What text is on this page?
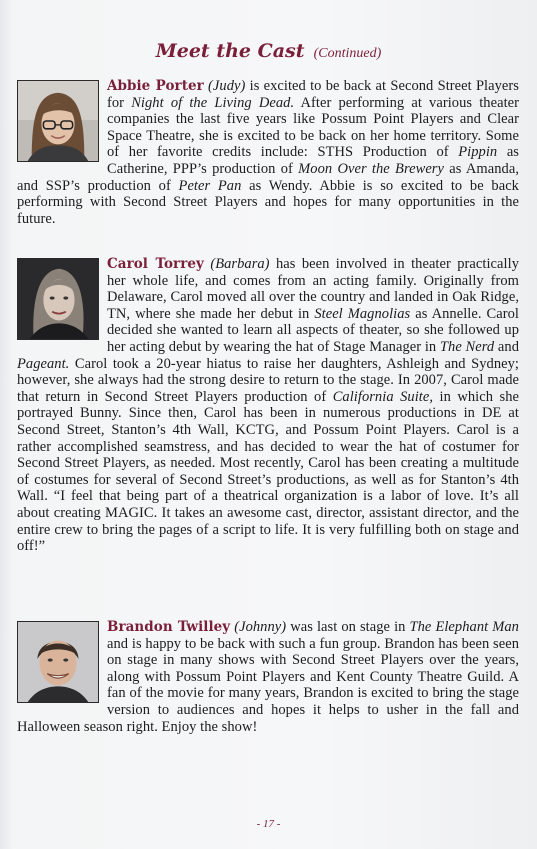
Meet the Cast (Continued)
Abbie Porter (Judy) is excited to be back at Second Street Players for Night of the Living Dead. After performing at various theater companies the last five years like Possum Point Players and Clear Space Theatre, she is excited to be back on her home territory. Some of her favorite credits include: STHS Production of Pippin as Catherine, PPP’s production of Moon Over the Brewery as Amanda, and SSP’s production of Peter Pan as Wendy. Abbie is so excited to be back performing with Second Street Players and hopes for many opportunities in the future.
Carol Torrey (Barbara) has been involved in theater practically her whole life, and comes from an acting family. Originally from Delaware, Carol moved all over the country and landed in Oak Ridge, TN, where she made her debut in Steel Magnolias as Annelle. Carol decided she wanted to learn all aspects of theater, so she followed up her acting debut by wearing the hat of Stage Manager in The Nerd and Pageant. Carol took a 20-year hiatus to raise her daughters, Ashleigh and Sydney; however, she always had the strong desire to return to the stage. In 2007, Carol made that return in Second Street Players production of California Suite, in which she portrayed Bunny. Since then, Carol has been in numerous productions in DE at Second Street, Stanton’s 4th Wall, KCTG, and Possum Point Players. Carol is a rather accomplished seamstress, and has decided to wear the hat of costumer for Second Street Players, as needed. Most recently, Carol has been creating a multitude of costumes for several of Second Street’s productions, as well as for Stanton’s 4th Wall. “I feel that being part of a theatrical organization is a labor of love. It’s all about creating MAGIC. It takes an awesome cast, director, assistant director, and the entire crew to bring the pages of a script to life. It is very fulfilling both on stage and off!”
Brandon Twilley (Johnny) was last on stage in The Elephant Man and is happy to be back with such a fun group. Brandon has been seen on stage in many shows with Second Street Players over the years, along with Possum Point Players and Kent County Theatre Guild. A fan of the movie for many years, Brandon is excited to bring the stage version to audiences and hopes it helps to usher in the fall and Halloween season right. Enjoy the show!
- 17 -
